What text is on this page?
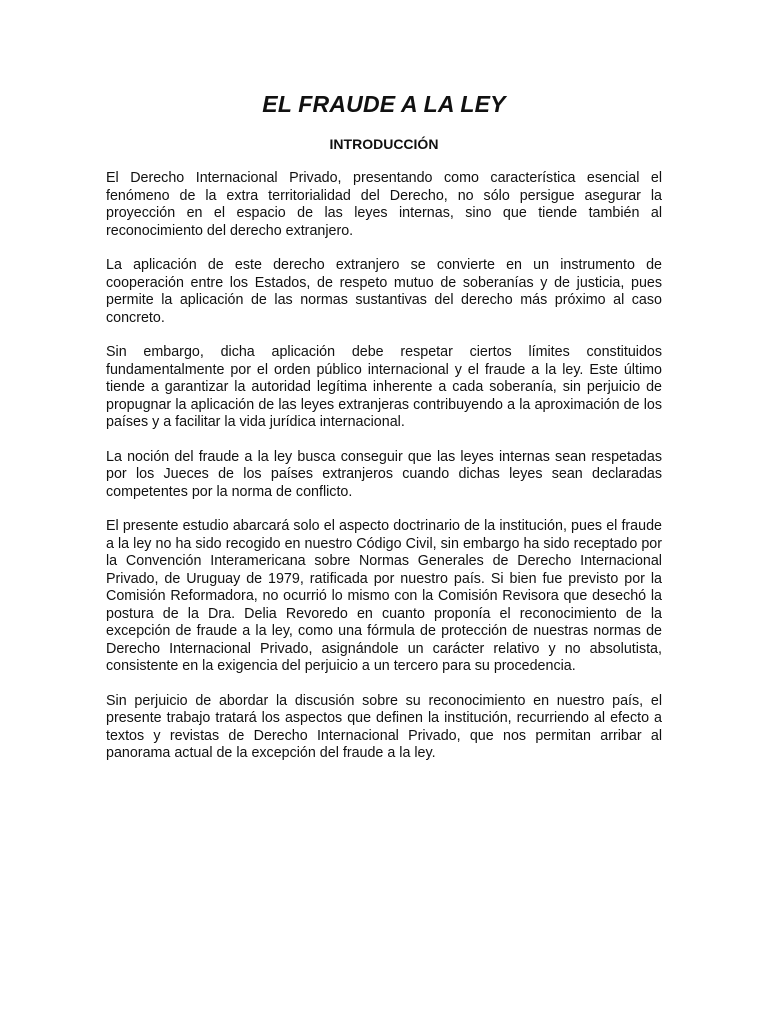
EL FRAUDE A LA LEY
INTRODUCCIÓN

El Derecho Internacional Privado, presentando como característica esencial el fenómeno de la extra territorialidad del Derecho, no sólo persigue asegurar la proyección en el espacio de las leyes internas, sino que tiende también al reconocimiento del derecho extranjero.

La aplicación de este derecho extranjero se convierte en un instrumento de cooperación entre los Estados, de respeto mutuo de soberanías y de justicia, pues permite la aplicación de las normas sustantivas del derecho más próximo al caso concreto.

Sin embargo, dicha aplicación debe respetar ciertos límites constituidos fundamentalmente por el orden público internacional y el fraude a la ley. Este último tiende a garantizar la autoridad legítima inherente a cada soberanía, sin perjuicio de propugnar la aplicación de las leyes extranjeras contribuyendo a la aproximación de los países y a facilitar la vida jurídica internacional.

La noción del fraude a la ley busca conseguir que las leyes internas sean respetadas por los Jueces de los países extranjeros cuando dichas leyes sean declaradas competentes por la norma de conflicto.

El presente estudio abarcará solo el aspecto doctrinario de la institución, pues el fraude a la ley no ha sido recogido en nuestro Código Civil, sin embargo ha sido receptado por la Convención Interamericana sobre Normas Generales de Derecho Internacional Privado, de Uruguay de 1979, ratificada por nuestro país. Si bien fue previsto por la Comisión Reformadora, no ocurrió lo mismo con la Comisión Revisora que desechó la postura de la Dra. Delia Revoredo en cuanto proponía el reconocimiento de la excepción de fraude a la ley, como una fórmula de protección de nuestras normas de Derecho Internacional Privado, asignándole un carácter relativo y no absolutista, consistente en la exigencia del perjuicio a un tercero para su procedencia.

Sin perjuicio de abordar la discusión sobre su reconocimiento en nuestro país, el presente trabajo tratará los aspectos que definen la institución, recurriendo al efecto a textos y revistas de Derecho Internacional Privado, que nos permitan arribar al panorama actual de la excepción del fraude a la ley.
